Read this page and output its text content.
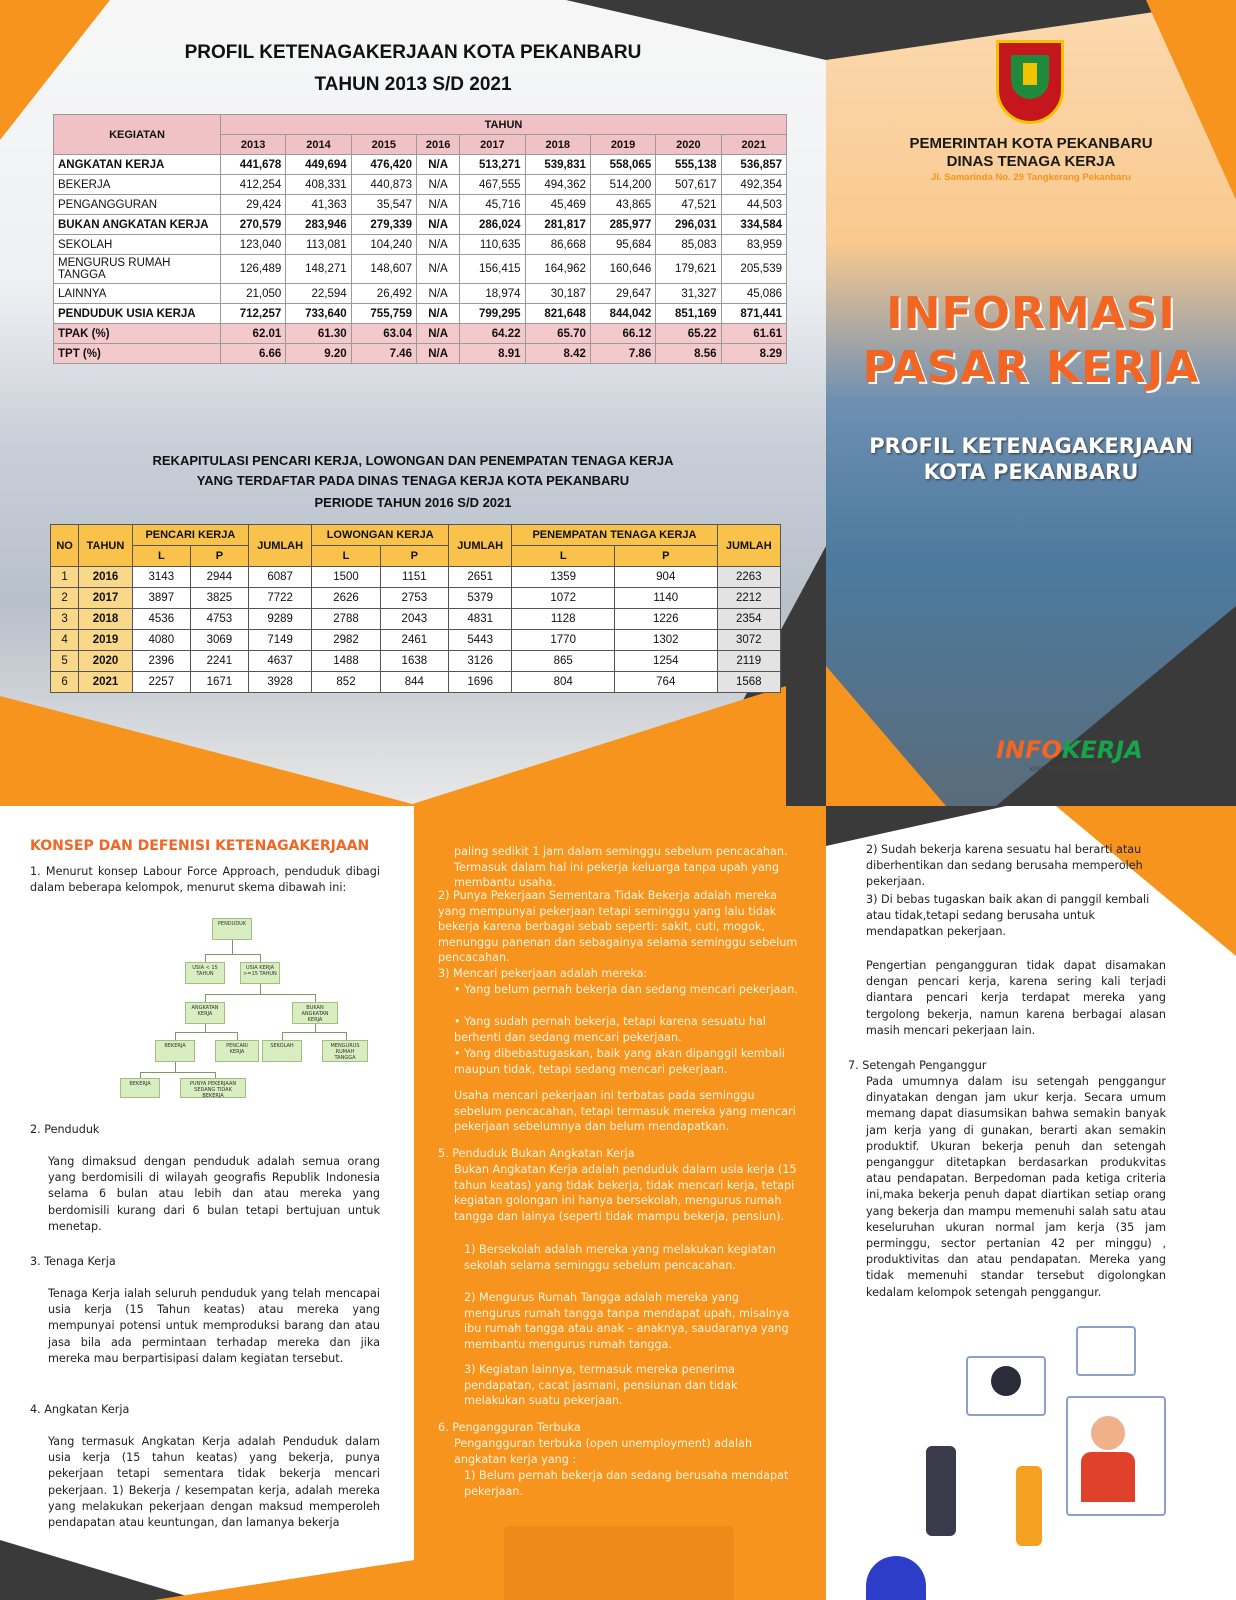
PROFIL KETENAGAKERJAAN KOTA PEKANBARU
TAHUN 2013 S/D 2021
KEGIATAN	TAHUN								
	2013	2014	2015	2016	2017	2018	2019	2020	2021
ANGKATAN KERJA	441,678	449,694	476,420	N/A	513,271	539,831	558,065	555,138	536,857
BEKERJA	412,254	408,331	440,873	N/A	467,555	494,362	514,200	507,617	492,354
PENGANGGURAN	29,424	41,363	35,547	N/A	45,716	45,469	43,865	47,521	44,503
BUKAN ANGKATAN KERJA	270,579	283,946	279,339	N/A	286,024	281,817	285,977	296,031	334,584
SEKOLAH	123,040	113,081	104,240	N/A	110,635	86,668	95,684	85,083	83,959
MENGURUS RUMAH TANGGA	126,489	148,271	148,607	N/A	156,415	164,962	160,646	179,621	205,539
LAINNYA	21,050	22,594	26,492	N/A	18,974	30,187	29,647	31,327	45,086
PENDUDUK USIA KERJA	712,257	733,640	755,759	N/A	799,295	821,648	844,042	851,169	871,441
TPAK (%)	62.01	61.30	63.04	N/A	64.22	65.70	66.12	65.22	61.61
TPT (%)	6.66	9.20	7.46	N/A	8.91	8.42	7.86	8.56	8.29
REKAPITULASI PENCARI KERJA, LOWONGAN DAN PENEMPATAN TENAGA KERJA
YANG TERDAFTAR PADA DINAS TENAGA KERJA KOTA PEKANBARU
PERIODE TAHUN 2016 S/D 2021
NO	TAHUN	PENCARI KERJA		JUMLAH	LOWONGAN KERJA		JUMLAH	PENEMPATAN TENAGA KERJA		JUMLAH
		L	P		L	P		L	P	
1	2016	3143	2944	6087	1500	1151	2651	1359	904	2263
2	2017	3897	3825	7722	2626	2753	5379	1072	1140	2212
3	2018	4536	4753	9289	2788	2043	4831	1128	1226	2354
4	2019	4080	3069	7149	2982	2461	5443	1770	1302	3072
5	2020	2396	2241	4637	1488	1638	3126	865	1254	2119
6	2021	2257	1671	3928	852	844	1696	804	764	1568
PEMERINTAH KOTA PEKANBARU
DINAS TENAGA KERJA
Jl. Samarinda No. 29 Tangkerang Pekanbaru
INFORMASI
PASAR KERJA
PROFIL KETENAGAKERJAAN
KOTA PEKANBARU
INFOKERJA
KINCI SUKSES MERAIH KERJA
KONSEP DAN DEFENISI KETENAGAKERJAAN
1. Menurut konsep Labour Force Approach, penduduk dibagi dalam beberapa kelompok, menurut skema dibawah ini:
PENDUDUK
USIA < 15 TAHUN
USIA KERJA >=15 TAHUN
ANGKATAN KERJA
BUKAN ANGKATAN KERJA
BEKERJA	PENCARI KERJA
SEKOLAH	MENGURUS RUMAH TANGGA
BEKERJA	PUNYA PEKERJAAN SEDANG TIDAK BEKERJA
2. Penduduk
Yang dimaksud dengan penduduk adalah semua orang yang berdomisili di wilayah geografis Republik Indonesia selama 6 bulan atau lebih dan atau mereka yang berdomisili kurang dari 6 bulan tetapi bertujuan untuk menetap.
3. Tenaga Kerja
Tenaga Kerja ialah seluruh penduduk yang telah mencapai usia kerja (15 Tahun keatas) atau mereka yang mempunyai potensi untuk memproduksi barang dan atau jasa bila ada permintaan terhadap mereka dan jika mereka mau berpartisipasi dalam kegiatan tersebut.
4. Angkatan Kerja
Yang termasuk Angkatan Kerja adalah Penduduk dalam usia kerja (15 tahun keatas) yang bekerja, punya pekerjaan tetapi sementara tidak bekerja mencari pekerjaan. 1) Bekerja / kesempatan kerja, adalah mereka yang melakukan pekerjaan dengan maksud memperoleh pendapatan atau keuntungan, dan lamanya bekerja
paling sedikit 1 jam dalam seminggu sebelum pencacahan. Termasuk dalam hal ini pekerja keluarga tanpa upah yang membantu usaha.
2) Punya Pekerjaan Sementara Tidak Bekerja adalah mereka yang mempunyai pekerjaan tetapi seminggu yang lalu tidak bekerja karena berbagai sebab seperti: sakit, cuti, mogok, menunggu panenan dan sebagainya selama seminggu sebelum pencacahan.
3) Mencari pekerjaan adalah mereka:
• Yang belum pernah bekerja dan sedang mencari pekerjaan.
• Yang sudah pernah bekerja, tetapi karena sesuatu hal berhenti dan sedang mencari pekerjaan.
• Yang dibebastugaskan, baik yang akan dipanggil kembali maupun tidak, tetapi sedang mencari pekerjaan.
Usaha mencari pekerjaan ini terbatas pada seminggu sebelum pencacahan, tetapi termasuk mereka yang mencari pekerjaan sebelumnya dan belum mendapatkan.
5. Penduduk Bukan Angkatan Kerja
Bukan Angkatan Kerja adalah penduduk dalam usia kerja (15 tahun keatas) yang tidak bekerja, tidak mencari kerja, tetapi kegiatan golongan ini hanya bersekolah, mengurus rumah tangga dan lainya (seperti tidak mampu bekerja, pensiun).
1) Bersekolah adalah mereka yang melakukan kegiatan sekolah selama seminggu sebelum pencacahan.
2) Mengurus Rumah Tangga adalah mereka yang mengurus rumah tangga tanpa mendapat upah, misalnya ibu rumah tangga atau anak – anaknya, saudaranya yang membantu mengurus rumah tangga.
3) Kegiatan lainnya, termasuk mereka penerima pendapatan, cacat jasmani, pensiunan dan tidak melakukan suatu pekerjaan.
6. Pengangguran Terbuka
Pengangguran terbuka (open unemployment) adalah angkatan kerja yang :
1) Belum pernah bekerja dan sedang berusaha mendapat pekerjaan.
2) Sudah bekerja karena sesuatu hal berarti atau diberhentikan dan sedang berusaha memperoleh pekerjaan.
3) Di bebas tugaskan baik akan di panggil kembali atau tidak,tetapi sedang berusaha untuk mendapatkan pekerjaan.
Pengertian pengangguran tidak dapat disamakan dengan pencari kerja, karena sering kali terjadi diantara pencari kerja terdapat mereka yang tergolong bekerja, namun karena berbagai alasan masih mencari pekerjaan lain.
7. Setengah Penganggur
Pada umumnya dalam isu setengah penggangur dinyatakan dengan jam ukur kerja. Secara umum memang dapat diasumsikan bahwa semakin banyak jam kerja yang di gunakan, berarti akan semakin produktif. Ukuran bekerja penuh dan setengah penganggur ditetapkan berdasarkan produkvitas atau pendapatan. Berpedoman pada ketiga criteria ini,maka bekerja penuh dapat diartikan setiap orang yang bekerja dan mampu memenuhi salah satu atau keseluruhan ukuran normal jam kerja (35 jam perminggu, sector pertanian 42 per minggu) , produktivitas dan atau pendapatan. Mereka yang tidak memenuhi standar tersebut digolongkan kedalam kelompok setengah penggangur.
